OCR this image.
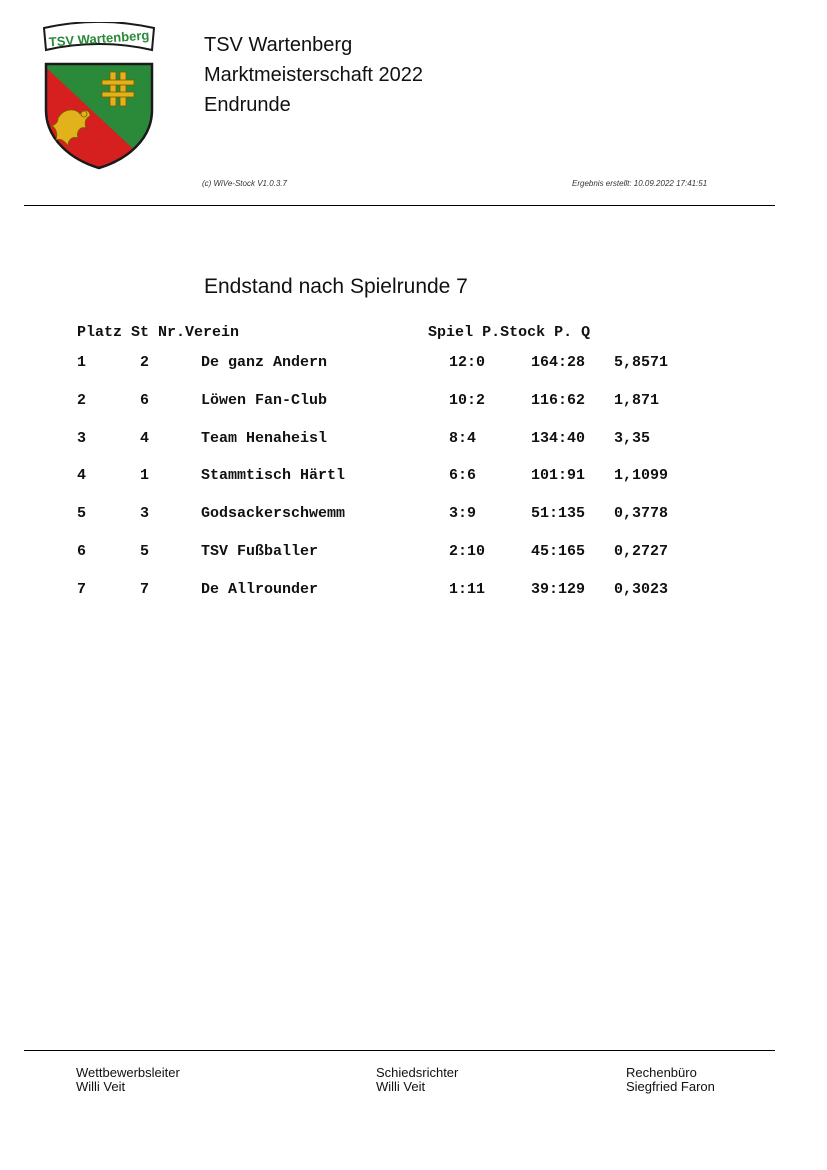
TSV Wartenberg	TSV Wartenberg
Marktmeisterschaft 2022
Endrunde
(c) WiVe-Stock V1.0.3.7	Ergebnis erstellt: 10.09.2022 17:41:51
Endstand nach Spielrunde 7
Platz St Nr.Verein                     Spiel P.Stock P. Q
1	2	De ganz Andern	12:0	164:28 5,8571
2	6	Löwen Fan-Club	10:2	116:62 1,871
3	4	Team Henaheisl	8:4	134:40 3,35
4	1	Stammtisch Härtl	6:6	101:91 1,1099
5	3	Godsackerschwemm	3:9	51:135 0,3778
6	5	TSV Fußballer	2:10	45:165 0,2727
7	7	De Allrounder	1:11	39:129 0,3023
Wettbewerbsleiter
Willi Veit
Schiedsrichter
Willi Veit
Rechenbüro
Siegfried Faron
